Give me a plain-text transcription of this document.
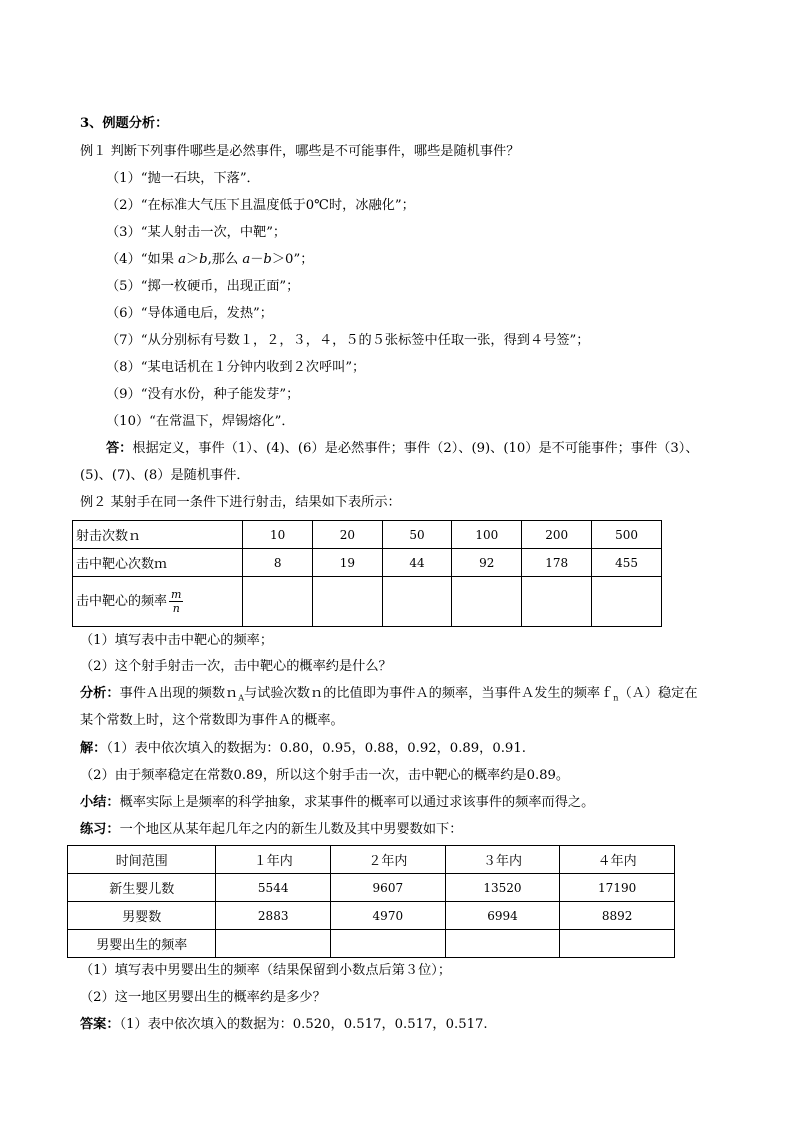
3、例题分析：
例１ 判断下列事件哪些是必然事件，哪些是不可能事件，哪些是随机事件？
（1）“抛一石块，下落”．
（2）“在标准大气压下且温度低于0℃时，冰融化”；
（3）“某人射击一次，中靶”；
（4）“如果 a＞b,那么 a－b＞0”；
（5）“掷一枚硬币，出现正面”；
（6）“导体通电后，发热”；
（7）“从分别标有号数１，２，３，４，５的５张标签中任取一张，得到４号签”；
（8）“某电话机在１分钟内收到２次呼叫”；
（9）“没有水份，种子能发芽”；
（10）“在常温下，焊锡熔化”．
答：根据定义，事件（1）、(4)、(6）是必然事件；事件（2）、(9)、(10）是不可能事件；事件（3）、
(5)、(7)、(8）是随机事件．
例２ 某射手在同一条件下进行射击，结果如下表所示：
射击次数ｎ	10	20	50	100	200	500
击中靶心次数ｍ	8	19	44	92	178	455
击中靶心的频率 $\frac{m}{n}$

（1）填写表中击中靶心的频率；
（2）这个射手射击一次，击中靶心的概率约是什么？
分析：事件Ａ出现的频数ｎ$_A$与试验次数ｎ的比值即为事件Ａ的频率，当事件Ａ发生的频率ｆ$_n$（Ａ）稳定在
某个常数上时，这个常数即为事件Ａ的概率。
解：（1）表中依次填入的数据为：0.80，0.95，0.88，0.92，0.89，0.91.
（2）由于频率稳定在常数0.89，所以这个射手击一次，击中靶心的概率约是0.89。
小结：概率实际上是频率的科学抽象，求某事件的概率可以通过求该事件的频率而得之。
练习：一个地区从某年起几年之内的新生儿数及其中男婴数如下：
时间范围	１年内	２年内	３年内	４年内
新生婴儿数	5544	9607	13520	17190
男婴数	2883	4970	6994	8892
男婴出生的频率				
（1）填写表中男婴出生的频率（结果保留到小数点后第３位）；
（2）这一地区男婴出生的概率约是多少？
答案：（1）表中依次填入的数据为：0.520，0.517，0.517，0.517.
